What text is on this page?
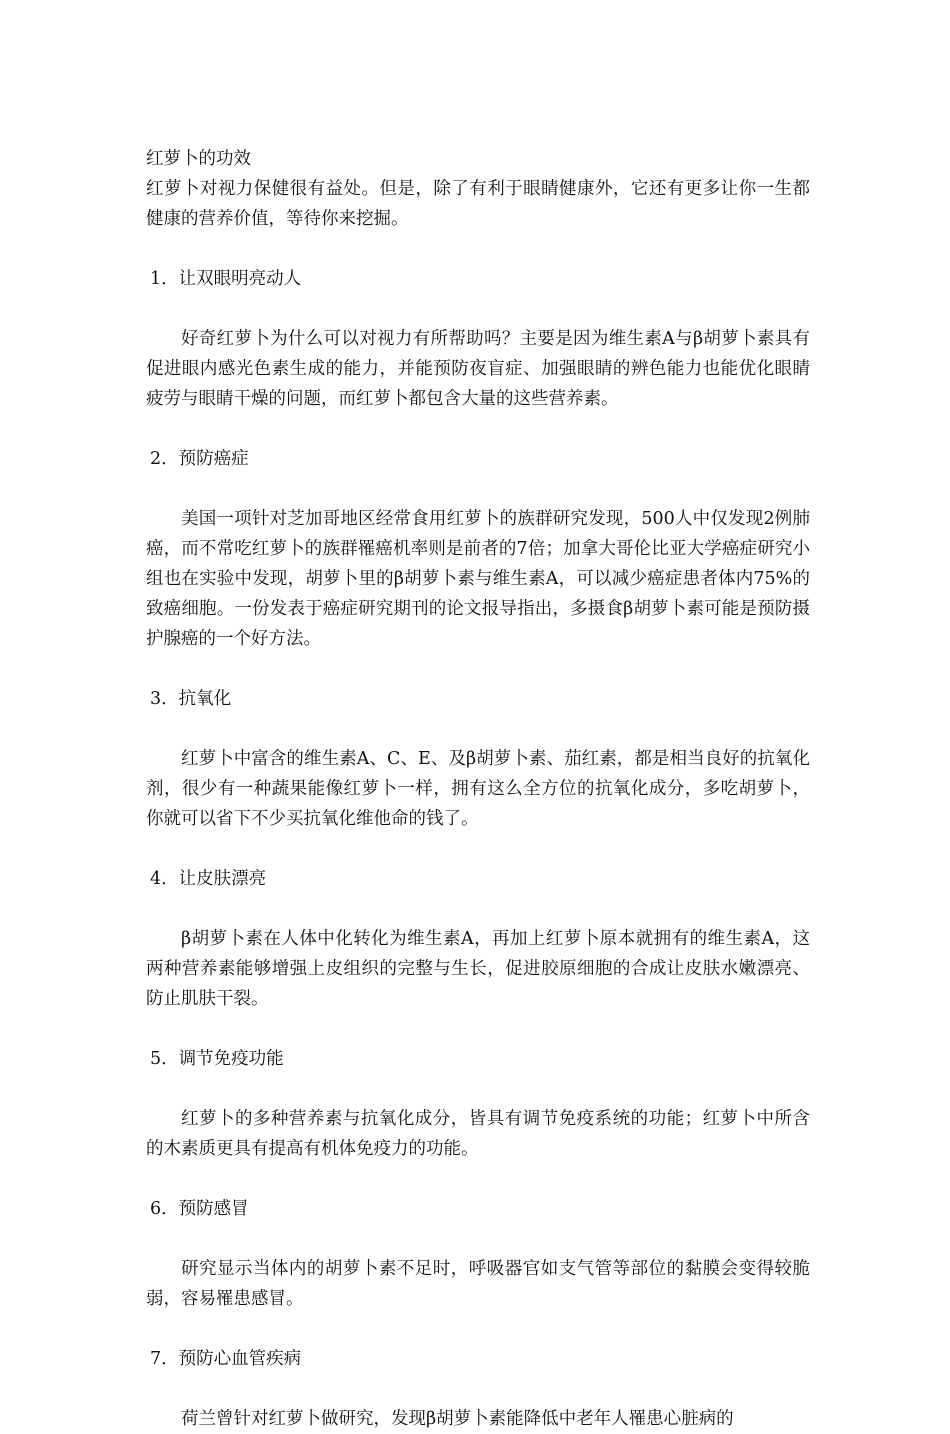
红萝卜的功效

红萝卜对视力保健很有益处。但是，除了有利于眼睛健康外，它还有更多让你一生都健康的营养价值，等待你来挖掘。

1．让双眼明亮动人

好奇红萝卜为什么可以对视力有所帮助吗？主要是因为维生素A与β胡萝卜素具有促进眼内感光色素生成的能力，并能预防夜盲症、加强眼睛的辨色能力也能优化眼睛疲劳与眼睛干燥的问题，而红萝卜都包含大量的这些营养素。

2．预防癌症

美国一项针对芝加哥地区经常食用红萝卜的族群研究发现，500人中仅发现2例肺癌，而不常吃红萝卜的族群罹癌机率则是前者的7倍；加拿大哥伦比亚大学癌症研究小组也在实验中发现，胡萝卜里的β胡萝卜素与维生素A，可以减少癌症患者体内75%的致癌细胞。一份发表于癌症研究期刊的论文报导指出，多摄食β胡萝卜素可能是预防摄护腺癌的一个好方法。

3．抗氧化

红萝卜中富含的维生素A、C、E、及β胡萝卜素、茄红素，都是相当良好的抗氧化剂，很少有一种蔬果能像红萝卜一样，拥有这么全方位的抗氧化成分，多吃胡萝卜，你就可以省下不少买抗氧化维他命的钱了。

4．让皮肤漂亮

β胡萝卜素在人体中化转化为维生素A，再加上红萝卜原本就拥有的维生素A，这两种营养素能够增强上皮组织的完整与生长，促进胶原细胞的合成让皮肤水嫩漂亮、防止肌肤干裂。

5．调节免疫功能

红萝卜的多种营养素与抗氧化成分，皆具有调节免疫系统的功能；红萝卜中所含的木素质更具有提高有机体免疫力的功能。

6．预防感冒

研究显示当体内的胡萝卜素不足时，呼吸器官如支气管等部位的黏膜会变得较脆弱，容易罹患感冒。

7．预防心血管疾病

荷兰曾针对红萝卜做研究，发现β胡萝卜素能降低中老年人罹患心脏病的
